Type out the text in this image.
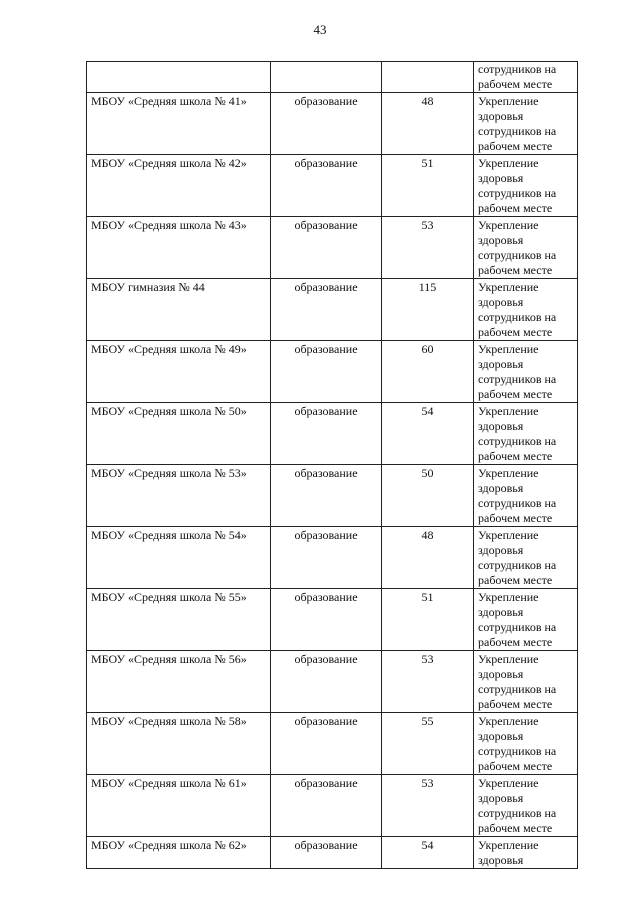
43
			сотрудников на рабочем месте
МБОУ «Средняя школа № 41»	образование	48	Укрепление здоровья сотрудников на рабочем месте
МБОУ «Средняя школа № 42»	образование	51	Укрепление здоровья сотрудников на рабочем месте
МБОУ «Средняя школа № 43»	образование	53	Укрепление здоровья сотрудников на рабочем месте
МБОУ гимназия № 44	образование	115	Укрепление здоровья сотрудников на рабочем месте
МБОУ «Средняя школа № 49»	образование	60	Укрепление здоровья сотрудников на рабочем месте
МБОУ «Средняя школа № 50»	образование	54	Укрепление здоровья сотрудников на рабочем месте
МБОУ «Средняя школа № 53»	образование	50	Укрепление здоровья сотрудников на рабочем месте
МБОУ «Средняя школа № 54»	образование	48	Укрепление здоровья сотрудников на рабочем месте
МБОУ «Средняя школа № 55»	образование	51	Укрепление здоровья сотрудников на рабочем месте
МБОУ «Средняя школа № 56»	образование	53	Укрепление здоровья сотрудников на рабочем месте
МБОУ «Средняя школа № 58»	образование	55	Укрепление здоровья сотрудников на рабочем месте
МБОУ «Средняя школа № 61»	образование	53	Укрепление здоровья сотрудников на рабочем месте
МБОУ «Средняя школа № 62»	образование	54	Укрепление здоровья
